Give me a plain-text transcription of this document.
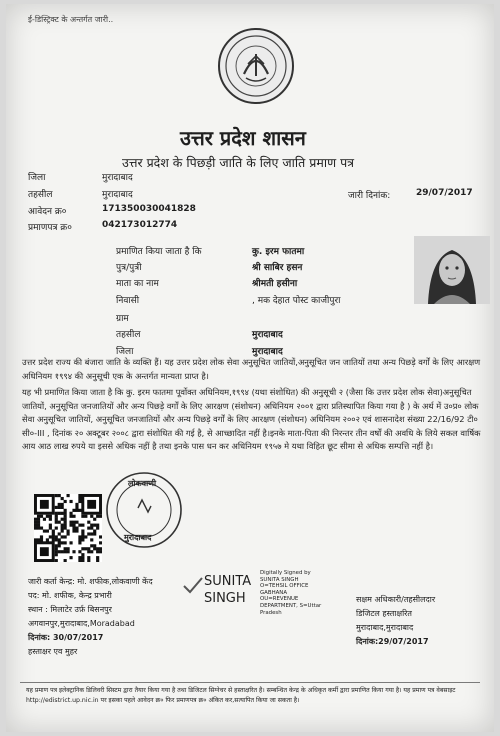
ई-डिस्ट्रिक्ट के अन्तर्गत जारी..
उत्तर प्रदेश शासन
उत्तर प्रदेश के पिछड़ी जाति के लिए जाति प्रमाण पत्र
जिला	मुरादाबाद
तहसील	मुरादाबाद
आवेदन क्र०	171350030041828
प्रमाणपत्र क्र०	042173012774
जारी दिनांक:	29/07/2017
प्रमाणित किया जाता है कि	कु. इरम फातमा
पुत्र/पुत्री	श्री साबिर हसन
माता का नाम	श्रीमती हसीना
निवासी	, मक देहात पोस्ट काजीपुरा
ग्राम
तहसील	मुरादाबाद
जिला	मुरादाबाद
उत्तर प्रदेश राज्य की बंजारा जाति के व्यक्ति हैं। यह उत्तर प्रदेश लोक सेवा अनुसूचित जातियों,अनुसूचित जन जातियों तथा अन्य पिछड़े वर्गों के लिए आरक्षण अधिनियम १९९४ की अनुसूची एक के अन्तर्गत मान्यता प्राप्त है।
यह भी प्रमाणित किया जाता है कि कु. इरम फातमा पूर्वोक्त अधिनियम,१९९४ (यथा संशोधित) की अनुसूची २ (जैसा कि उत्तर प्रदेश लोक सेवा)अनुसूचित जातियों, अनुसूचित जनजातियों और अन्य पिछड़े वर्गों के लिए आरक्षण (संशोधन) अधिनियम २००१ द्वारा प्रतिस्थापित किया गया है ) के अर्थ में उ०प्र० लोक सेवा अनुसूचित जातियों, अनुसूचित जनजातियों और अन्य पिछड़े वर्गों के लिए आरक्षण (संशोधन) अधिनियम २००२ एवं शासनादेश संख्या 22/16/92 टी० सी०-III , दिनांक २० अक्टूबर २००८ द्वारा संशोधित की गई है, से आच्छादित नहीं है।इनके माता-पिता की निरन्तर तीन वर्षों की अवधि के लिये सकल वार्षिक आय आठ लाख रुपये या इससे अधिक नहीं है तथा इनके पास धन कर अधिनियम १९५७ मे यथा विहित छूट सीमा से अधिक सम्पत्ति नहीं है।
लोकवाणी
मुरादाबाद
जारी कर्ता केन्द्र: मो. शफीक,लोकवाणी केंद
पद: मो. शफीक, केन्द्र प्रभारी
स्थान : मिलाटेर उर्फ़ बिसनपुर
अगवानपुर,मुरादाबाद,Moradabad
दिनांक: 30/07/2017
हस्ताक्षर एव मुहर
SUNITA
SINGH
Digitally Signed by
SUNITA SINGH
O=TEHSIL OFFICE
GABHANA
OU=REVENUE
DEPARTMENT, S=Uttar
Pradesh
सक्षम अधिकारी/तहसीलदार
डिजिटल हस्ताक्षरित
मुरादाबाद,मुरादाबाद
दिनांक:29/07/2017
यह प्रमाण पत्र इलेक्ट्रानिक डिलिवरी सिस्टम द्वारा तैयार किया गया है तथा डिजिटल सिग्नेचर से हस्ताक्षरित है। सम्बन्धित केन्द्र के अधिकृत कर्मी द्वारा प्रमाणित किया गया है। यह प्रमाण पत्र वेबसाइट http://edistrict.up.nic.in पर इसका पहले आवेदन क्र० फिर प्रमाणपत्र क्र० अंकित कर,सत्यापित किया जा सकता है।
